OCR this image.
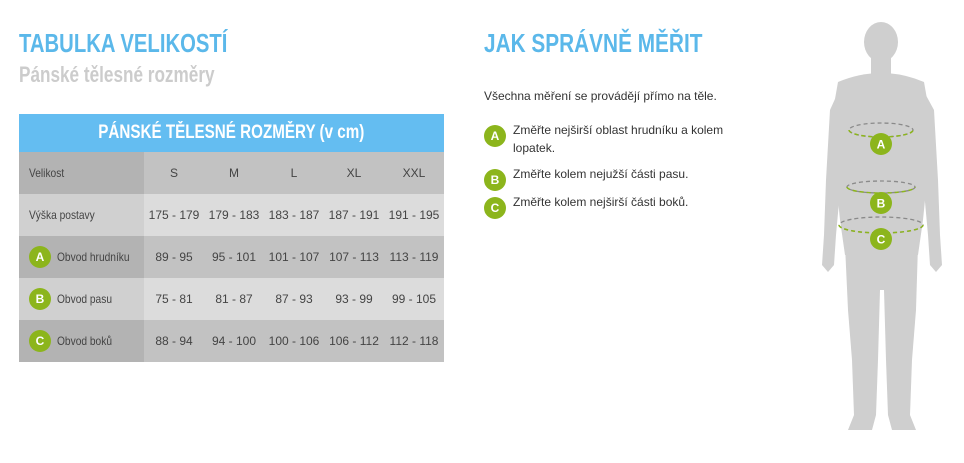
TABULKA VELIKOSTÍ
Pánské tělesné rozměry
PÁNSKÉ TĚLESNÉ ROZMĚRY (v cm)					
Velikost	S	M	L	XL	XXL
Výška postavy	175 - 179	179 - 183	183 - 187	187 - 191	191 - 195
A Obvod hrudníku	89 - 95	95 - 101	101 - 107	107 - 113	113 - 119
B Obvod pasu	75 - 81	81 - 87	87 - 93	93 - 99	99 - 105
C Obvod boků	88 - 94	94 - 100	100 - 106	106 - 112	112 - 118
JAK SPRÁVNĚ MĚŘIT
Všechna měření se provádějí přímo na těle.
A	Změřte nejširší oblast hrudníku a kolem lopatek.
B	Změřte kolem nejužší části pasu.
C	Změřte kolem nejširší části boků.
A
B
C
